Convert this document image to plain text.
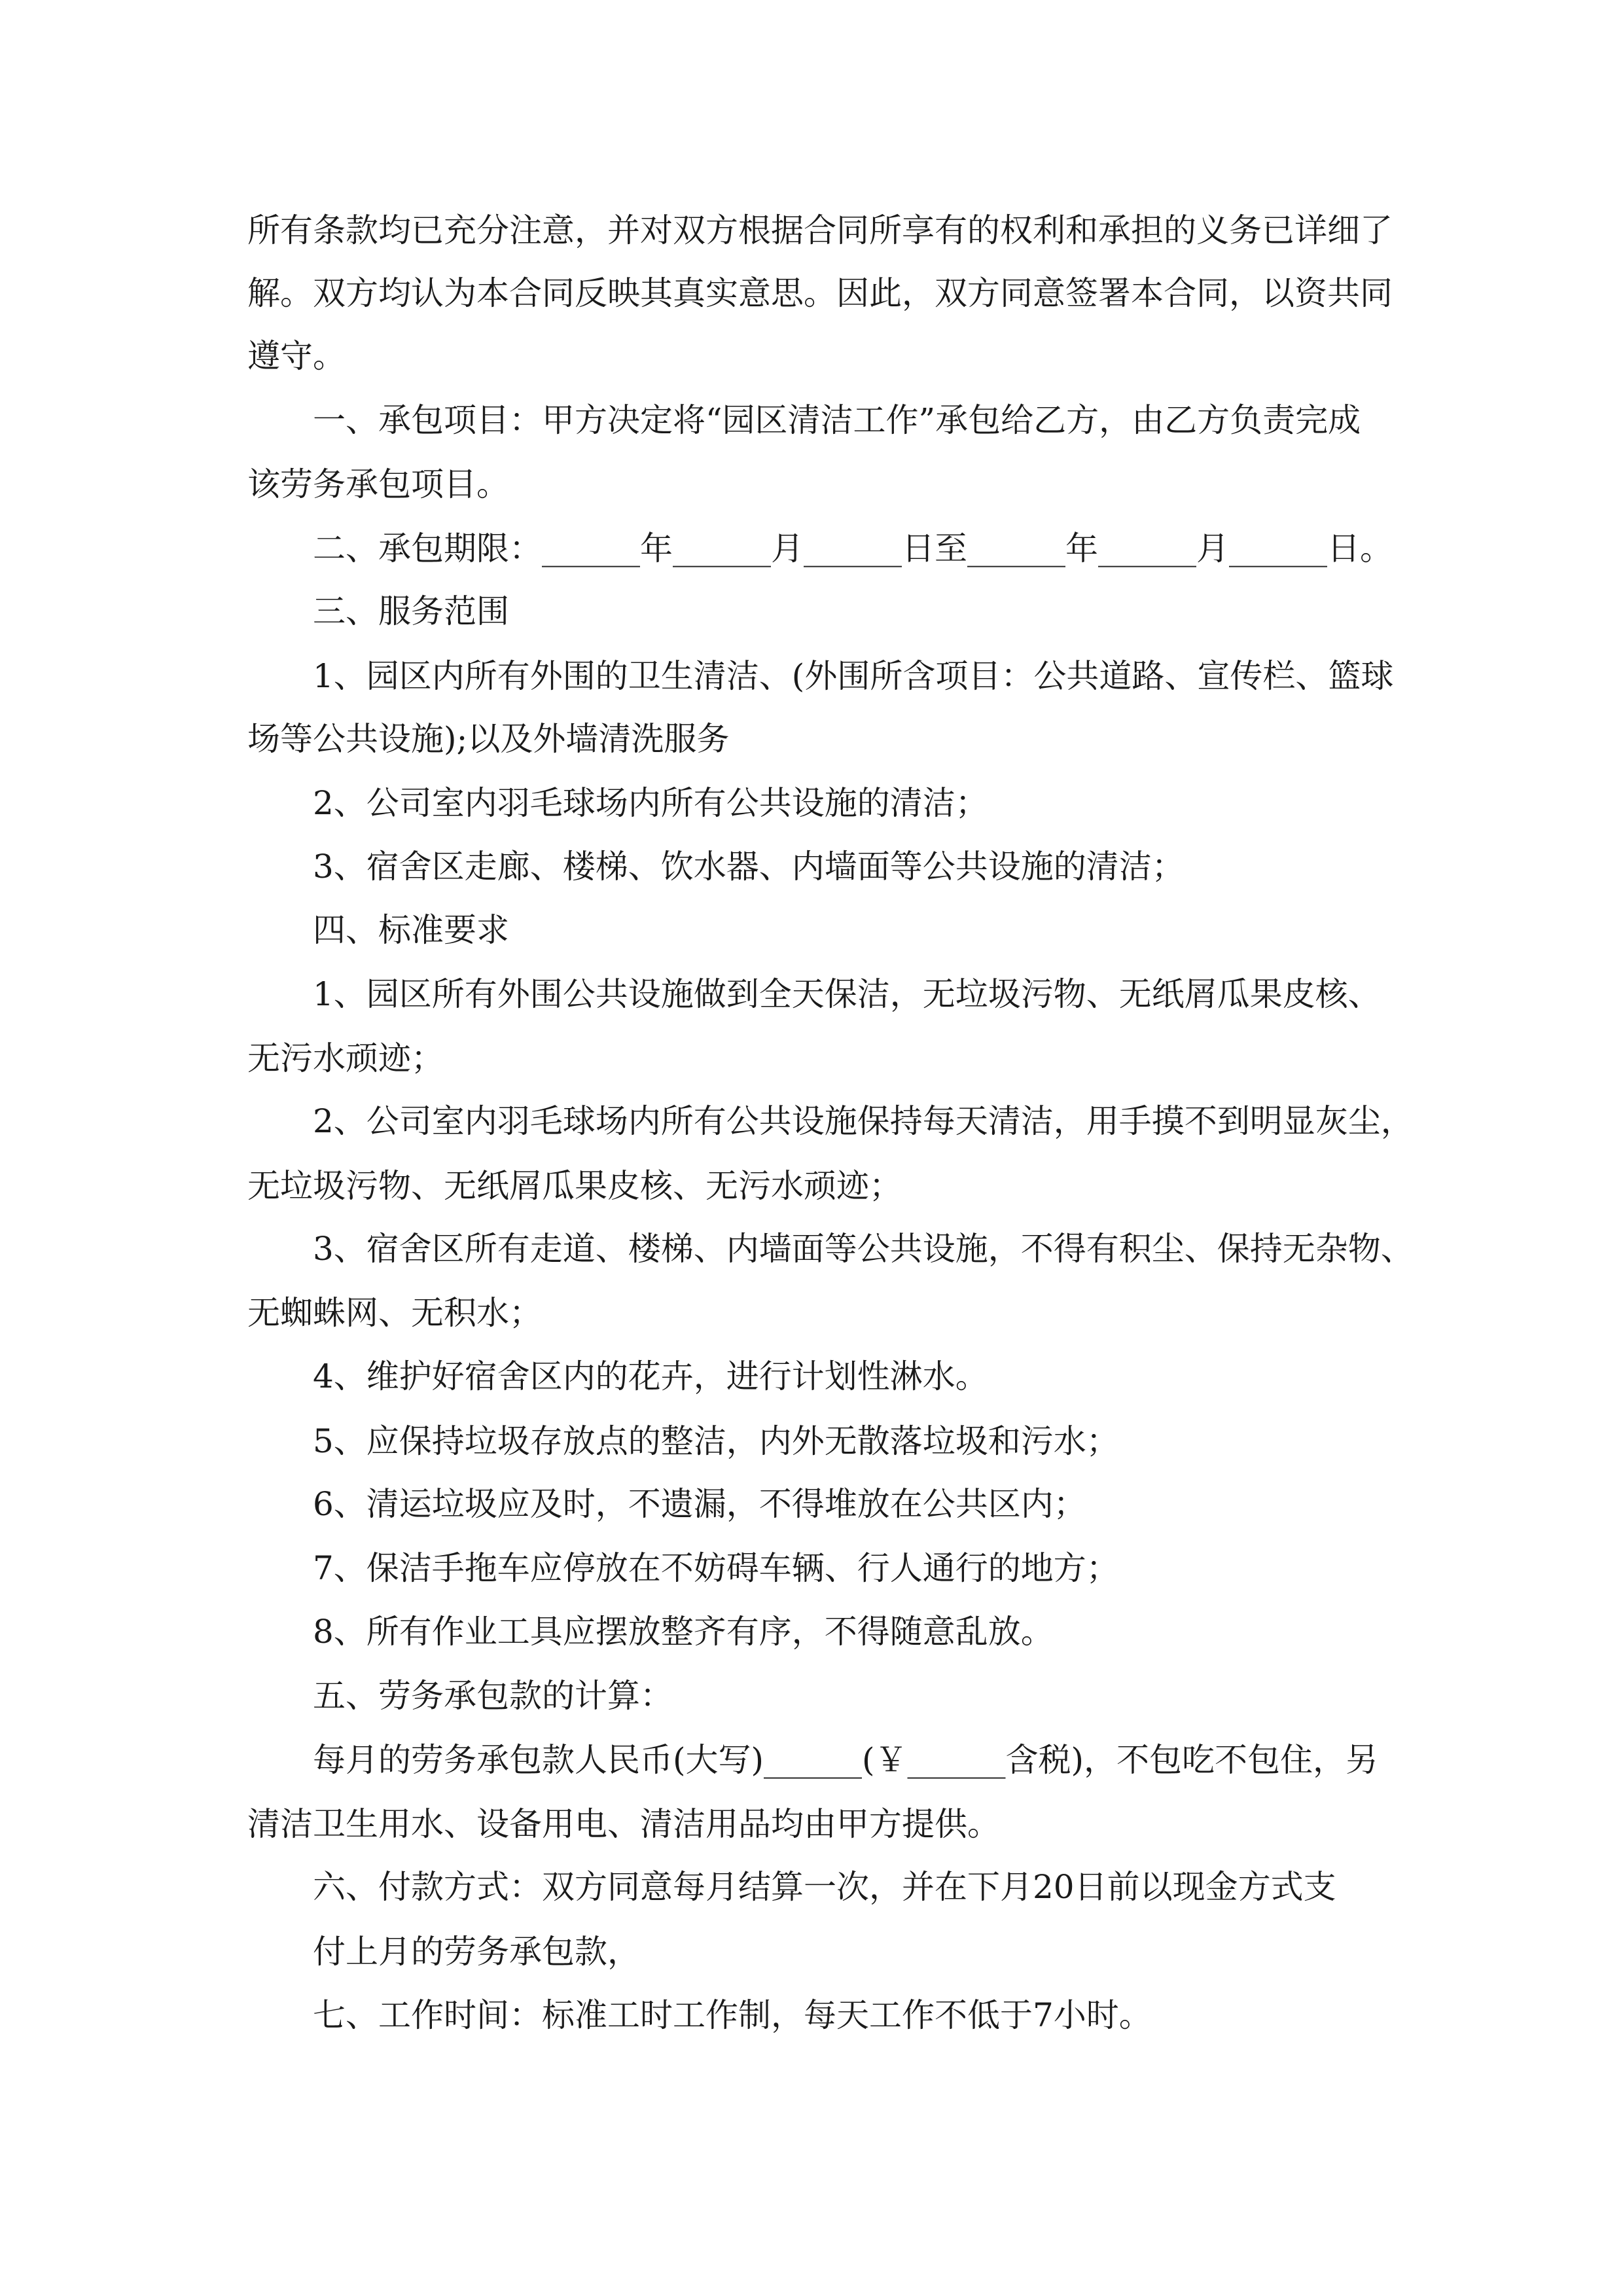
所有条款均已充分注意，并对双方根据合同所享有的权利和承担的义务已详细了

解。双方均认为本合同反映其真实意思。因此，双方同意签署本合同，以资共同

遵守。

一、承包项目：甲方决定将“园区清洁工作”承包给乙方，由乙方负责完成

该劳务承包项目。

二、承包期限：______年______月______日至______年______月______日。

三、服务范围

1、园区内所有外围的卫生清洁、(外围所含项目：公共道路、宣传栏、篮球

场等公共设施);以及外墙清洗服务

2、公司室内羽毛球场内所有公共设施的清洁；

3、宿舍区走廊、楼梯、饮水器、内墙面等公共设施的清洁；

四、标准要求

1、园区所有外围公共设施做到全天保洁，无垃圾污物、无纸屑瓜果皮核、

无污水顽迹；

2、公司室内羽毛球场内所有公共设施保持每天清洁，用手摸不到明显灰尘，

无垃圾污物、无纸屑瓜果皮核、无污水顽迹；

3、宿舍区所有走道、楼梯、内墙面等公共设施，不得有积尘、保持无杂物、

无蜘蛛网、无积水；

4、维护好宿舍区内的花卉，进行计划性淋水。

5、应保持垃圾存放点的整洁，内外无散落垃圾和污水；

6、清运垃圾应及时，不遗漏，不得堆放在公共区内；

7、保洁手拖车应停放在不妨碍车辆、行人通行的地方；

8、所有作业工具应摆放整齐有序，不得随意乱放。

五、劳务承包款的计算：

每月的劳务承包款人民币(大写)______(￥______含税)，不包吃不包住，另

清洁卫生用水、设备用电、清洁用品均由甲方提供。

六、付款方式：双方同意每月结算一次，并在下月20日前以现金方式支

付上月的劳务承包款，

七、工作时间：标准工时工作制，每天工作不低于7小时。
